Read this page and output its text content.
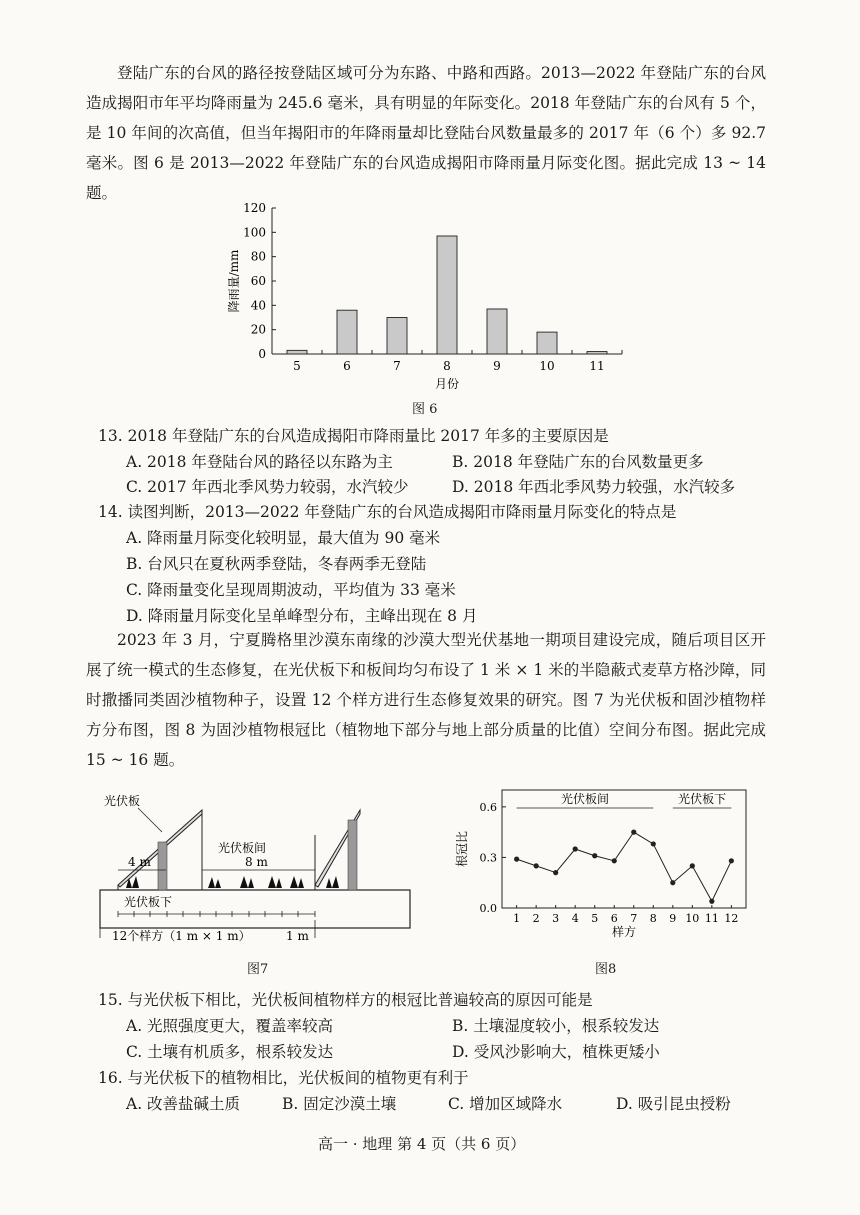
登陆广东的台风的路径按登陆区域可分为东路、中路和西路。2013—2022 年登陆广东的台风造成揭阳市年平均降雨量为 245.6 毫米，具有明显的年际变化。2018 年登陆广东的台风有 5 个，是 10 年间的次高值，但当年揭阳市的年降雨量却比登陆台风数量最多的 2017 年（6 个）多 92.7 毫米。图 6 是 2013—2022 年登陆广东的台风造成揭阳市降雨量月际变化图。据此完成 13 ~ 14 题。
0
20
40
60
80
100
120
5	6	7	8	9	10	11
月份
降雨量/mm
图 6
13. 2018 年登陆广东的台风造成揭阳市降雨量比 2017 年多的主要原因是
A. 2018 年登陆台风的路径以东路为主	B. 2018 年登陆广东的台风数量更多
C. 2017 年西北季风势力较弱，水汽较少	D. 2018 年西北季风势力较强，水汽较多
14. 读图判断，2013—2022 年登陆广东的台风造成揭阳市降雨量月际变化的特点是
A. 降雨量月际变化较明显，最大值为 90 毫米
B. 台风只在夏秋两季登陆，冬春两季无登陆
C. 降雨量变化呈现周期波动，平均值为 33 毫米
D. 降雨量月际变化呈单峰型分布，主峰出现在 8 月
2023 年 3 月，宁夏腾格里沙漠东南缘的沙漠大型光伏基地一期项目建设完成，随后项目区开展了统一模式的生态修复，在光伏板下和板间均匀布设了 1 米 × 1 米的半隐蔽式麦草方格沙障，同时撒播同类固沙植物种子，设置 12 个样方进行生态修复效果的研究。图 7 为光伏板和固沙植物样方分布图，图 8 为固沙植物根冠比（植物地下部分与地上部分质量的比值）空间分布图。据此完成 15 ~ 16 题。
光伏板
4 m
光伏板间
8 m
光伏板下
12个样方（1 m × 1 m）	1 m
图7
0.0
0.3
0.6
1 2 3 4 5 6 7 8 9 10 11 12
样方
根冠比
光伏板间	光伏板下
图8
15. 与光伏板下相比，光伏板间植物样方的根冠比普遍较高的原因可能是
A. 光照强度更大，覆盖率较高	B. 土壤湿度较小，根系较发达
C. 土壤有机质多，根系较发达	D. 受风沙影响大，植株更矮小
16. 与光伏板下的植物相比，光伏板间的植物更有利于
A. 改善盐碱土质	B. 固定沙漠土壤	C. 增加区域降水	D. 吸引昆虫授粉
高一 · 地理 第 4 页（共 6 页）
